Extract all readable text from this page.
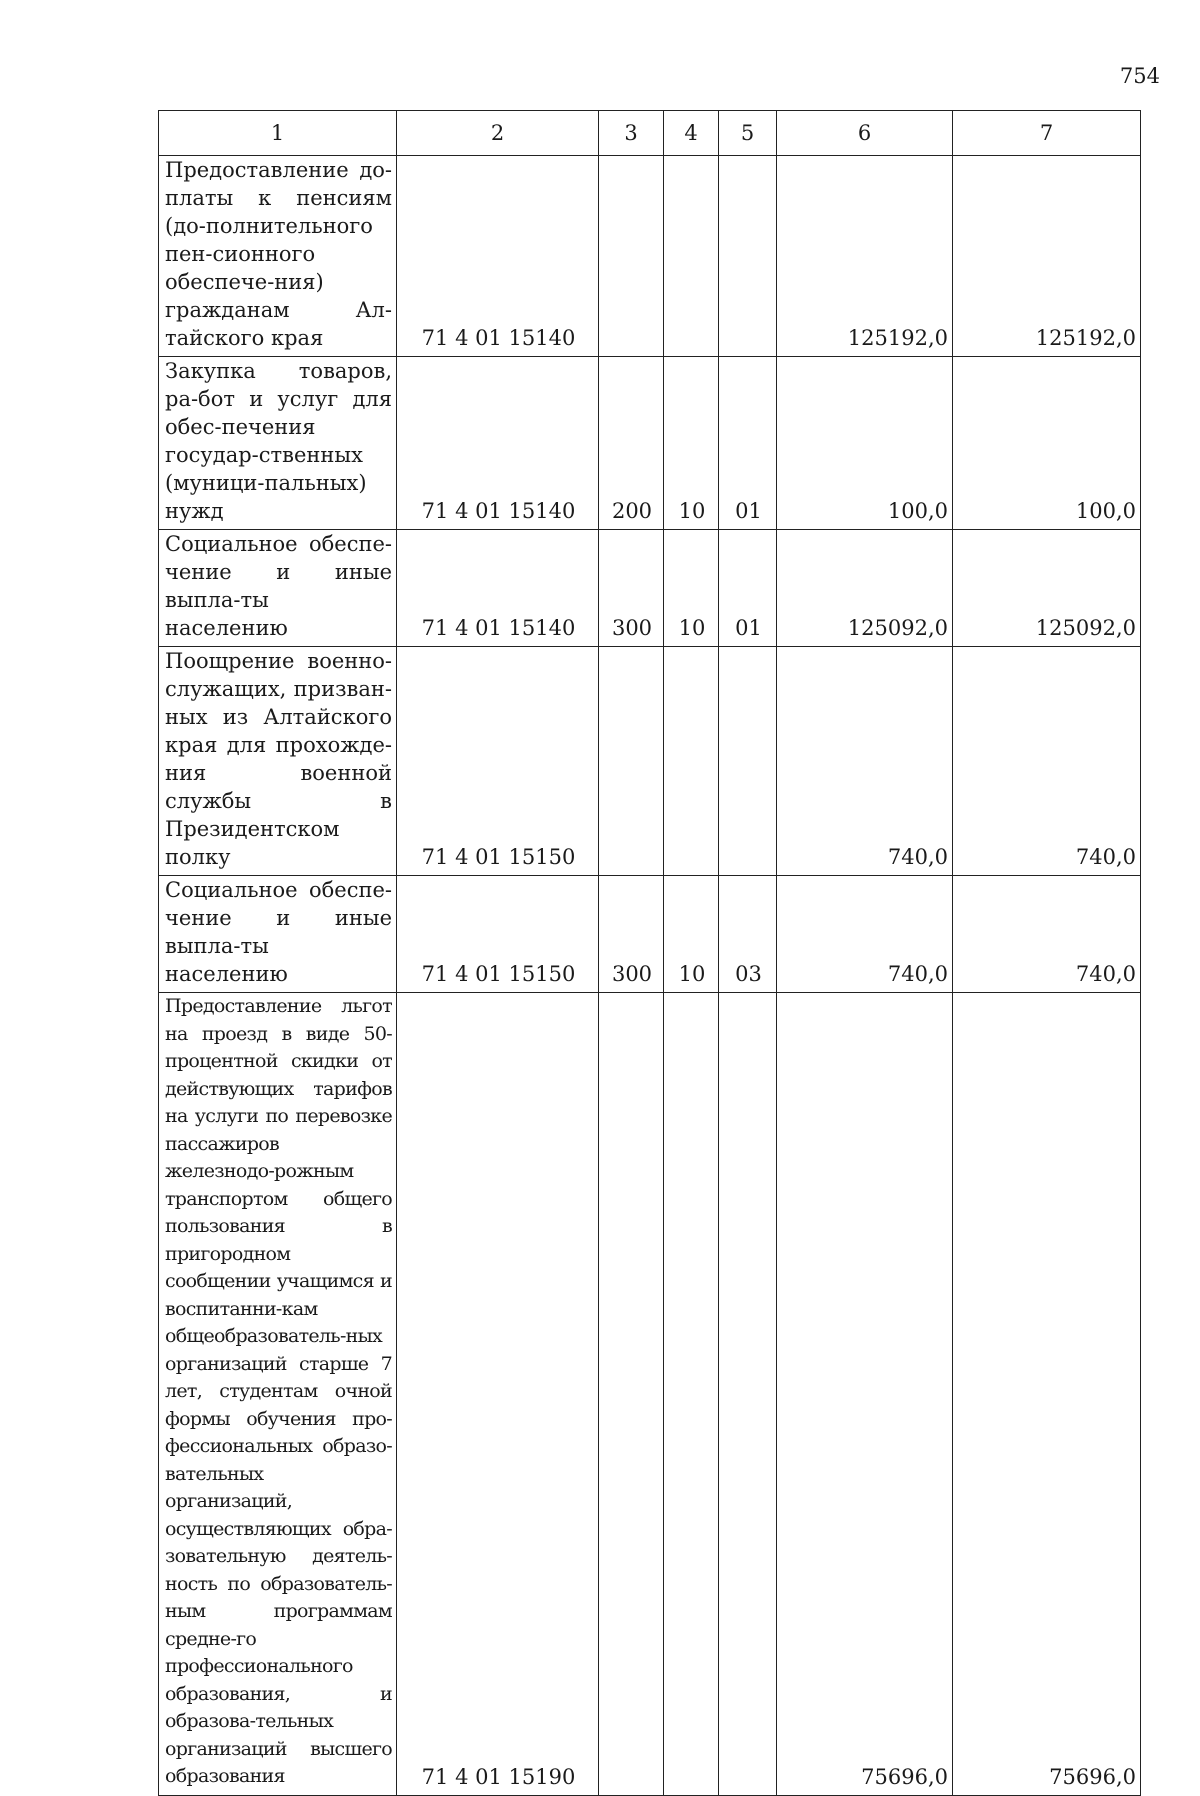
754
1	2	3	4	5	6	7
Предоставление до-платы к пенсиям (до-полнительного пен-сионного обеспече-ния) гражданам Ал-тайского края	71 4 01 15140				125192,0	125192,0
Закупка товаров, ра-бот и услуг для обес-печения государ-ственных (муници-пальных) нужд	71 4 01 15140	200	10	01	100,0	100,0
Социальное обеспе-чение и иные выпла-ты населению	71 4 01 15140	300	10	01	125092,0	125092,0
Поощрение военно-служащих, призван-ных из Алтайского края для прохожде-ния военной службы в Президентском полку	71 4 01 15150				740,0	740,0
Социальное обеспе-чение и иные выпла-ты населению	71 4 01 15150	300	10	03	740,0	740,0
Предоставление льгот на проезд в виде 50-процентной скидки от действующих тарифов на услуги по перевозке пассажиров железнодо-рожным транспортом общего пользования в пригородном сообщении учащимся и воспитанни-кам общеобразователь-ных организаций старше 7 лет, студентам очной формы обучения про-фессиональных образо-вательных организаций, осуществляющих обра-зовательную деятель-ность по образователь-ным программам средне-го профессионального образования, и образова-тельных организаций высшего образования	71 4 01 15190				75696,0	75696,0
